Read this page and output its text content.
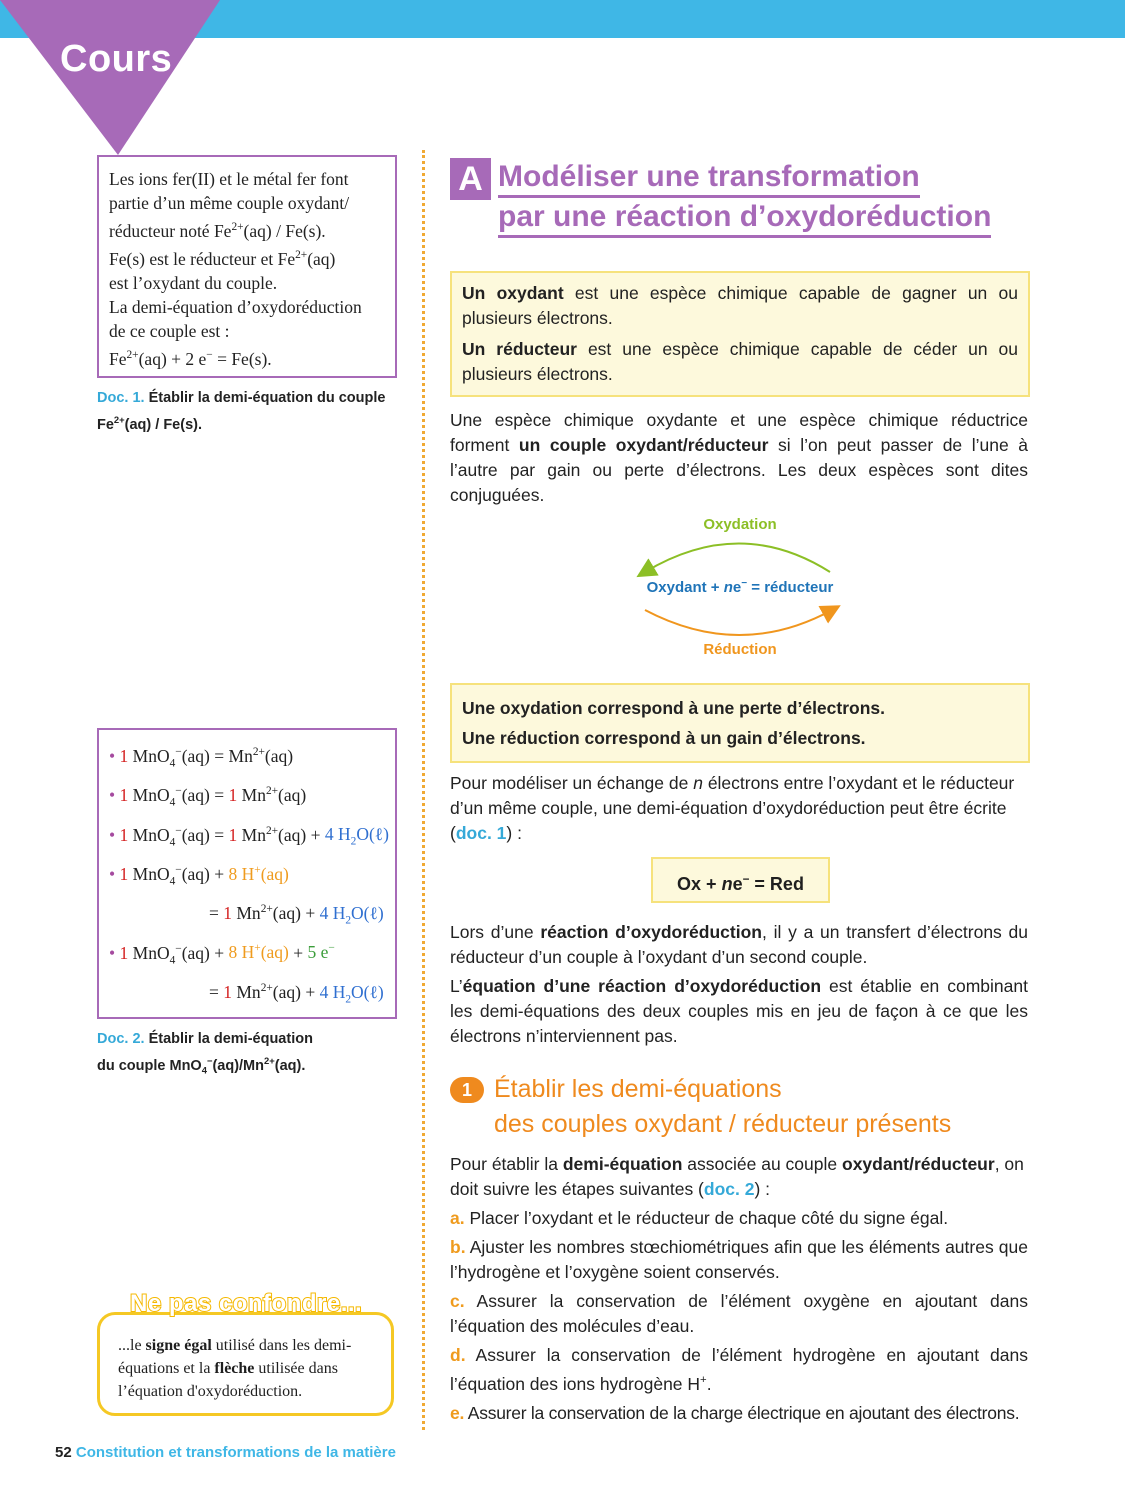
Cours
Les ions fer(II) et le métal fer font
partie d’un même couple oxydant/
réducteur noté $Fe^{2+}(aq) / Fe(s)$.
Fe(s) est le réducteur et $Fe^{2+}(aq)$
est l’oxydant du couple.
La demi-équation d’oxydoréduction
de ce couple est :
$Fe^{2+}(aq) + 2$ e− = Fe(s).
Doc. 1. Établir la demi-équation du couple
$Fe^{2+}(aq) / Fe(s)$.
• 1 $MnO_4^-(aq) = Mn^{2+}(aq)$
• 1 MnO$_4$−(aq) = 1 $Mn^{2+}(aq)$
• 1 MnO$_4$−(aq) = 1 $Mn^{2+}(aq) + 4$ $H_2O(\ell)$
• 1 MnO$_4$−(aq) + 8 H+(aq)
= 1 $Mn^{2+}(aq) + 4$ $H_2O(\ell)$
• 1 MnO$_4$−(aq) + 8 H+(aq) + 5 e−
= 1 $Mn^{2+}(aq) + 4$ $H_2O(\ell)$
Doc. 2. Établir la demi-équation
du couple $MnO_4^-(aq)/Mn^{2+}(aq)$.
Ne pas confondre...
...le signe égal utilisé dans les demi-équations et la flèche utilisée dans l’équation d'oxydoréduction.
A Modéliser une transformation
par une réaction d’oxydoréduction
Un oxydant est une espèce chimique capable de gagner un ou plusieurs électrons.
Un réducteur est une espèce chimique capable de céder un ou plusieurs électrons.
Une espèce chimique oxydante et une espèce chimique réductrice forment un couple oxydant/réducteur si l’on peut passer de l’une à l’autre par gain ou perte d’électrons. Les deux espèces sont dites conjuguées.
Oxydation
Oxydant + ne− = réducteur
Réduction
Une oxydation correspond à une perte d’électrons.
Une réduction correspond à un gain d’électrons.
Pour modéliser un échange de n électrons entre l’oxydant et le réducteur d’un même couple, une demi-équation d’oxydoréduction peut être écrite (doc. 1) :
Ox + ne− = Red
Lors d’une réaction d’oxydoréduction, il y a un transfert d’électrons du réducteur d’un couple à l’oxydant d’un second couple.
L’équation d’une réaction d’oxydoréduction est établie en combinant les demi-équations des deux couples mis en jeu de façon à ce que les électrons n’interviennent pas.
1 Établir les demi-équations
des couples oxydant / réducteur présents
Pour établir la demi-équation associée au couple oxydant/réducteur, on doit suivre les étapes suivantes (doc. 2) :
a. Placer l’oxydant et le réducteur de chaque côté du signe égal.
b. Ajuster les nombres stœchiométriques afin que les éléments autres que l’hydrogène et l’oxygène soient conservés.
c. Assurer la conservation de l’élément oxygène en ajoutant dans l’équation des molécules d’eau.
d. Assurer la conservation de l’élément hydrogène en ajoutant dans l’équation des ions hydrogène H+.
e. Assurer la conservation de la charge électrique en ajoutant des électrons.
52 Constitution et transformations de la matière
